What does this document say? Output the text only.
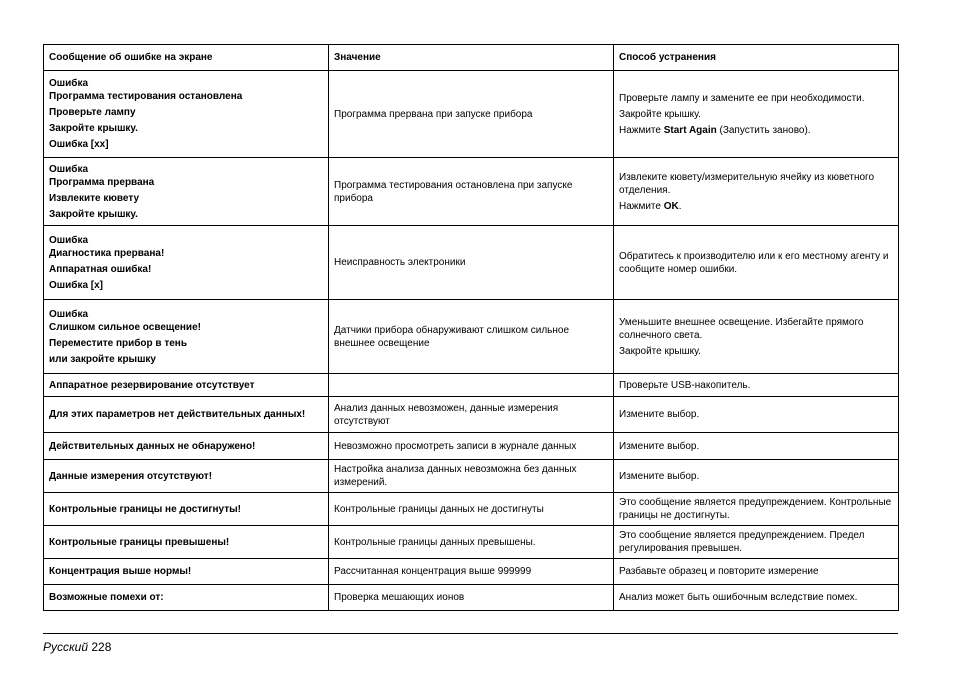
Сообщение об ошибке на экране	Значение	Способ устранения

Ошибка
Программа тестирования остановлена
Проверьте лампу
Закройте крышку.
Ошибка [xx]	Программа прервана при запуске прибора	Проверьте лампу и замените ее при необходимости.
Закройте крышку.
Нажмите Start Again (Запустить заново).

Ошибка
Программа прервана
Извлеките кювету
Закройте крышку.	Программа тестирования остановлена при запуске прибора	Извлеките кювету/измерительную ячейку из кюветного отделения.
Нажмите OK.

Ошибка
Диагностика прервана!
Аппаратная ошибка!
Ошибка [x]	Неисправность электроники	Обратитесь к производителю или к его местному агенту и сообщите номер ошибки.

Ошибка
Слишком сильное освещение!
Переместите прибор в тень
или закройте крышку	Датчики прибора обнаруживают слишком сильное внешнее освещение	Уменьшите внешнее освещение. Избегайте прямого солнечного света.
Закройте крышку.

Аппаратное резервирование отсутствует		Проверьте USB-накопитель.

Для этих параметров нет действительных данных!	Анализ данных невозможен, данные измерения отсутствуют	Измените выбор.

Действительных данных не обнаружено!	Невозможно просмотреть записи в журнале данных	Измените выбор.

Данные измерения отсутствуют!	Настройка анализа данных невозможна без данных измерений.	Измените выбор.

Контрольные границы не достигнуты!	Контрольные границы данных не достигнуты	Это сообщение является предупреждением. Контрольные границы не достигнуты.

Контрольные границы превышены!	Контрольные границы данных превышены.	Это сообщение является предупреждением. Предел регулирования превышен.

Концентрация выше нормы!	Рассчитанная концентрация выше 999999	Разбавьте образец и повторите измерение

Возможные помехи от:	Проверка мешающих ионов	Анализ может быть ошибочным вследствие помех.
Русский 228
